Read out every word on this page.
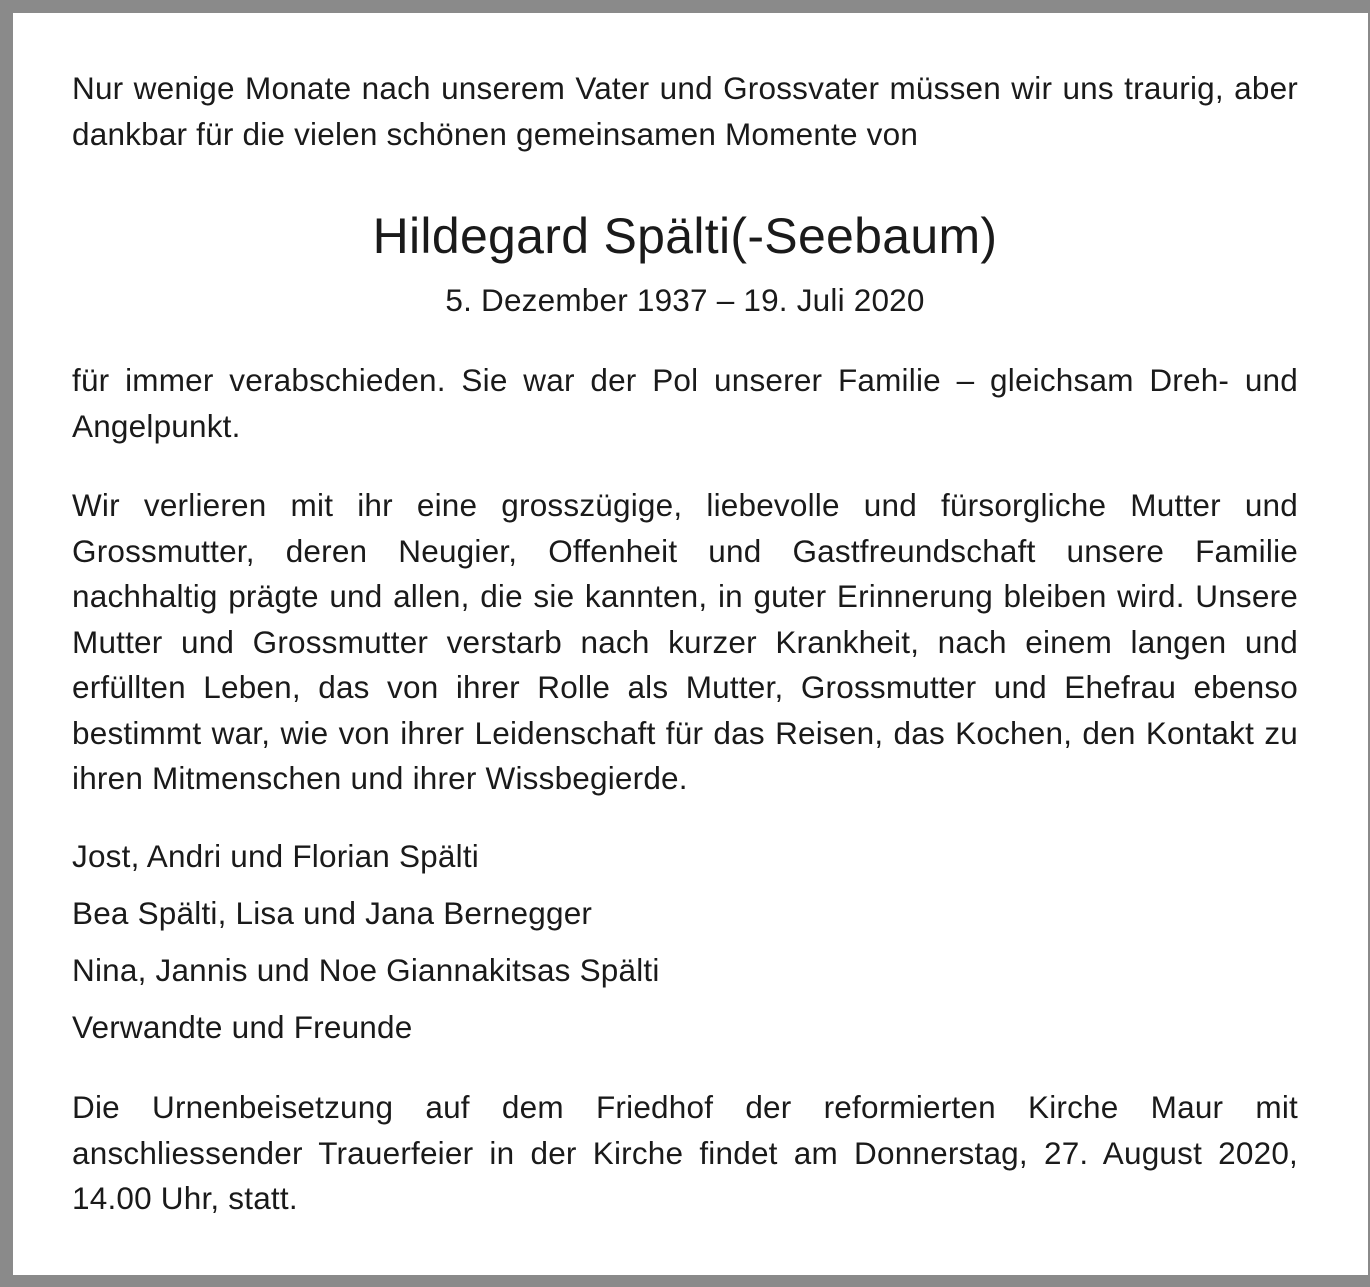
Nur wenige Monate nach unserem Vater und Grossvater müssen wir uns traurig, aber dankbar für die vielen schönen gemeinsamen Momente von

Hildegard Spälti(-Seebaum)
5. Dezember 1937 – 19. Juli 2020

für immer verabschieden. Sie war der Pol unserer Familie – gleichsam Dreh- und Angelpunkt.

Wir verlieren mit ihr eine grosszügige, liebevolle und fürsorgliche Mutter und Grossmutter, deren Neugier, Offenheit und Gastfreundschaft unsere Familie nachhaltig prägte und allen, die sie kannten, in guter Erinnerung bleiben wird. Unsere Mutter und Grossmutter verstarb nach kurzer Krankheit, nach einem langen und erfüllten Leben, das von ihrer Rolle als Mutter, Grossmutter und Ehefrau ebenso bestimmt war, wie von ihrer Leidenschaft für das Reisen, das Kochen, den Kontakt zu ihren Mitmenschen und ihrer Wissbegierde.

Jost, Andri und Florian Spälti
Bea Spälti, Lisa und Jana Bernegger
Nina, Jannis und Noe Giannakitsas Spälti
Verwandte und Freunde

Die Urnenbeisetzung auf dem Friedhof der reformierten Kirche Maur mit anschliessender Trauerfeier in der Kirche findet am Donnerstag, 27. August 2020, 14.00 Uhr, statt.
